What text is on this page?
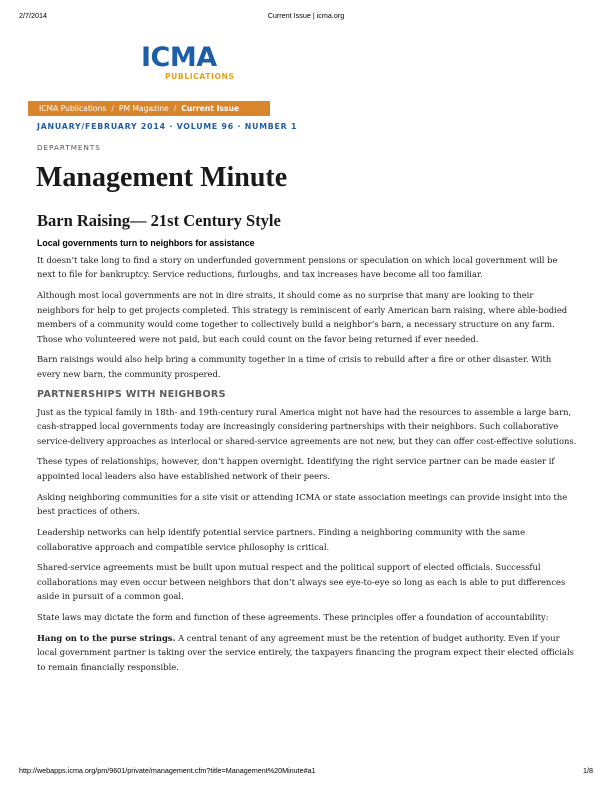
2/7/2014	Current Issue | icma.org
ICMA
PUBLICATIONS
ICMA Publications / PM Magazine / Current Issue
JANUARY/FEBRUARY 2014 · VOLUME 96 · NUMBER 1
DEPARTMENTS
Management Minute
Barn Raising— 21st Century Style
Local governments turn to neighbors for assistance

It doesn’t take long to find a story on underfunded government pensions or speculation on which local government will be next to file for bankruptcy. Service reductions, furloughs, and tax increases have become all too familiar.

Although most local governments are not in dire straits, it should come as no surprise that many are looking to their neighbors for help to get projects completed. This strategy is reminiscent of early American barn raising, where able-bodied members of a community would come together to collectively build a neighbor’s barn, a necessary structure on any farm. Those who volunteered were not paid, but each could count on the favor being returned if ever needed.

Barn raisings would also help bring a community together in a time of crisis to rebuild after a fire or other disaster. With every new barn, the community prospered.

PARTNERSHIPS WITH NEIGHBORS

Just as the typical family in 18th- and 19th-century rural America might not have had the resources to assemble a large barn, cash-strapped local governments today are increasingly considering partnerships with their neighbors. Such collaborative service-delivery approaches as interlocal or shared-service agreements are not new, but they can offer cost-effective solutions.

These types of relationships, however, don’t happen overnight. Identifying the right service partner can be made easier if appointed local leaders also have established network of their peers.

Asking neighboring communities for a site visit or attending ICMA or state association meetings can provide insight into the best practices of others.

Leadership networks can help identify potential service partners. Finding a neighboring community with the same collaborative approach and compatible service philosophy is critical.

Shared-service agreements must be built upon mutual respect and the political support of elected officials. Successful collaborations may even occur between neighbors that don’t always see eye-to-eye so long as each is able to put differences aside in pursuit of a common goal.

State laws may dictate the form and function of these agreements. These principles offer a foundation of accountability:

Hang on to the purse strings. A central tenant of any agreement must be the retention of budget authority. Even if your local government partner is taking over the service entirely, the taxpayers financing the program expect their elected officials to remain financially responsible.

http://webapps.icma.org/pm/9601/private/management.cfm?title=Management%20Minute#a1	1/8
